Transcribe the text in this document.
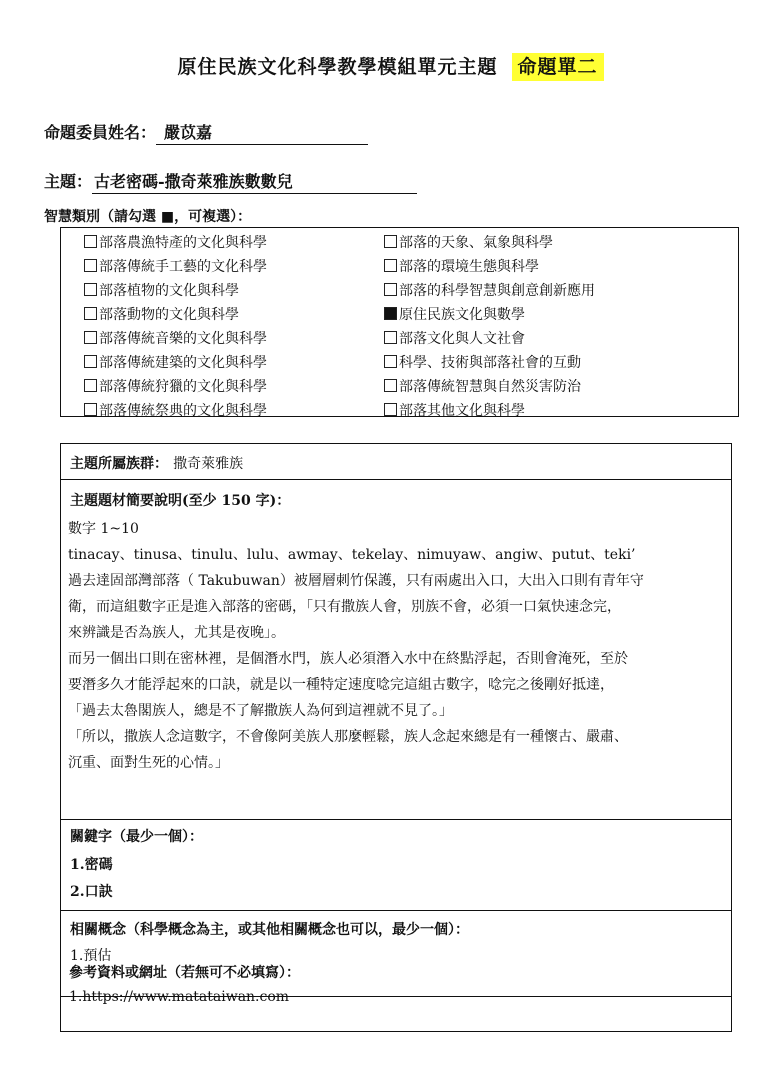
原住民族文化科學教學模組單元主題 命題單二
命題委員姓名： 嚴苡嘉
主題： 古老密碼-撒奇萊雅族數數兒
智慧類別（請勾選 ■，可複選）：
部落農漁特產的文化與科學
部落傳統手工藝的文化科學
部落植物的文化與科學
部落動物的文化與科學
部落傳統音樂的文化與科學
部落傳統建築的文化與科學
部落傳統狩獵的文化與科學
部落傳統祭典的文化與科學
部落的天象、氣象與科學
部落的環境生態與科學
部落的科學智慧與創意創新應用
原住民族文化與數學
部落文化與人文社會
科學、技術與部落社會的互動
部落傳統智慧與自然災害防治
部落其他文化與科學
主題所屬族群： 撒奇萊雅族
主題題材簡要說明(至少 150 字)：

數字 1~10

tinacay、tinusa、tinulu、lulu、awmay、tekelay、nimuyaw、angiw、putut、teki’

過去達固部灣部落（ Takubuwan）被層層刺竹保護，只有兩處出入口，大出入口則有青年守

衛，而這組數字正是進入部落的密碼，「只有撒族人會，別族不會，必須一口氣快速念完，

來辨識是否為族人，尤其是夜晚」。

而另一個出口則在密林裡，是個潛水門，族人必須潛入水中在終點浮起，否則會淹死，至於

要潛多久才能浮起來的口訣，就是以一種特定速度唸完這組古數字，唸完之後剛好抵達，

「過去太魯閣族人，總是不了解撒族人為何到這裡就不見了。」

「所以，撒族人念這數字，不會像阿美族人那麼輕鬆，族人念起來總是有一種懷古、嚴肅、

沉重、面對生死的心情。」

關鍵字（最少一個）：
1.密碼
2.口訣
相關概念（科學概念為主，或其他相關概念也可以，最少一個）：
1.預估
參考資料或網址（若無可不必填寫）：
1.https://www.matataiwan.com
